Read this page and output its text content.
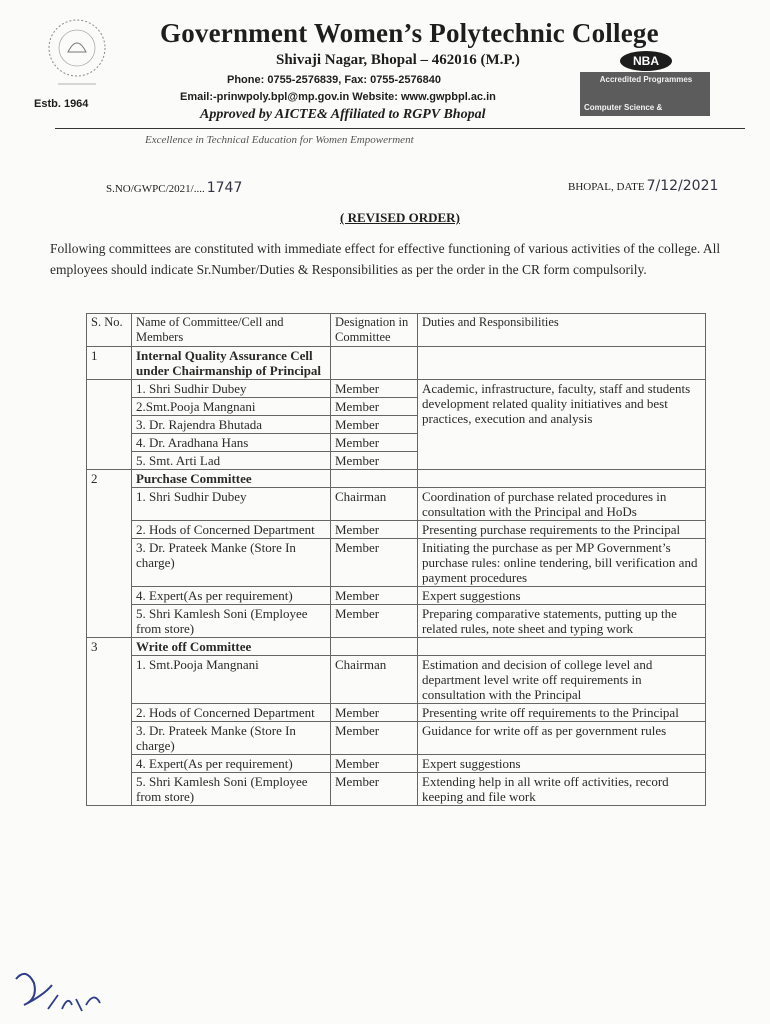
Estb. 1964
Government Women’s Polytechnic College
Shivaji Nagar, Bhopal – 462016 (M.P.)
Phone: 0755-2576839, Fax: 0755-2576840
Email:-prinwpoly.bpl@mp.gov.in Website: www.gwpbpl.ac.in
Approved by AICTE& Affiliated to RGPV Bhopal
NBA
Accredited Programmes
Computer Science &
Excellence in Technical Education for Women Empowerment
S.NO/GWPC/2021/.... 1747	BHOPAL, DATE 7/12/2021
( REVISED ORDER)
Following committees are constituted with immediate effect for effective functioning of various activities of the college. All employees should indicate Sr.Number/Duties & Responsibilities as per the order in the CR form compulsorily.
S. No.	Name of Committee/Cell and Members	Designation in Committee	Duties and Responsibilities
1	Internal Quality Assurance Cell under Chairmanship of Principal		
	1. Shri Sudhir Dubey	Member	Academic, infrastructure, faculty, staff and students development related quality initiatives and best practices, execution and analysis
	2.Smt.Pooja Mangnani	Member	
	3. Dr. Rajendra Bhutada	Member	
	4. Dr. Aradhana Hans	Member	
	5. Smt. Arti Lad	Member	
2	Purchase Committee		
	1. Shri Sudhir Dubey	Chairman	Coordination of purchase related procedures in consultation with the Principal and HoDs
	2. Hods of Concerned Department	Member	Presenting purchase requirements to the Principal
	3. Dr. Prateek Manke (Store In charge)	Member	Initiating the purchase as per MP Government’s purchase rules: online tendering, bill verification and payment procedures
	4. Expert(As per requirement)	Member	Expert suggestions
	5. Shri Kamlesh Soni (Employee from store)	Member	Preparing comparative statements, putting up the related rules, note sheet and typing work
3	Write off Committee		
	1. Smt.Pooja Mangnani	Chairman	Estimation and decision of college level and department level write off requirements in consultation with the Principal
	2. Hods of Concerned Department	Member	Presenting write off requirements to the Principal
	3. Dr. Prateek Manke (Store In charge)	Member	Guidance for write off as per government rules
	4. Expert(As per requirement)	Member	Expert suggestions
	5. Shri Kamlesh Soni (Employee from store)	Member	Extending help in all write off activities, record keeping and file work
